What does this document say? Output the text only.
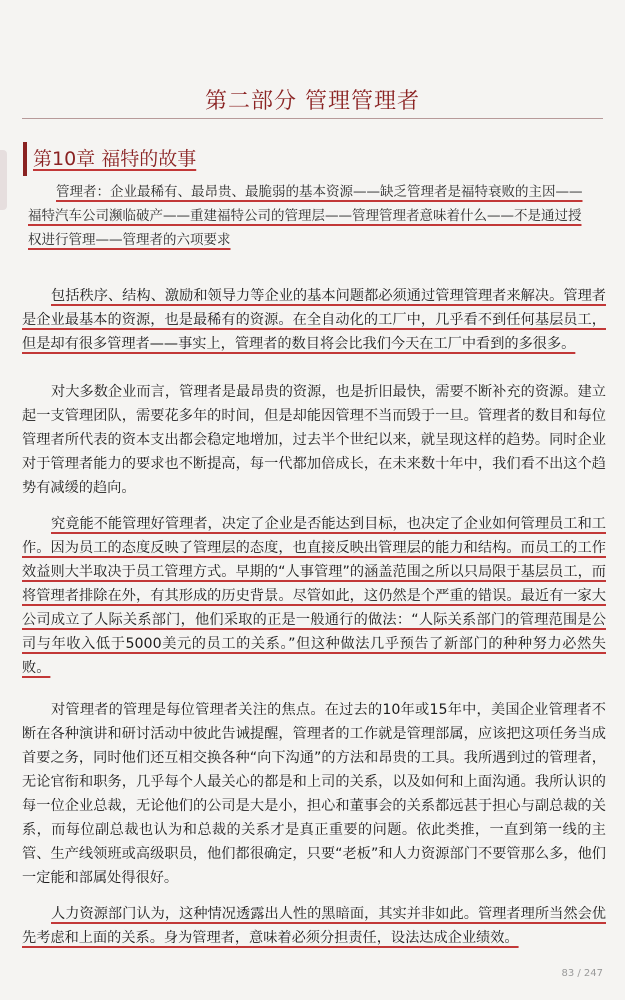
第二部分 管理管理者
第10章 福特的故事
管理者：企业最稀有、最昂贵、最脆弱的基本资源——缺乏管理者是福特衰败的主因——福特汽车公司濒临破产——重建福特公司的管理层——管理管理者意味着什么——不是通过授权进行管理——管理者的六项要求
包括秩序、结构、激励和领导力等企业的基本问题都必须通过管理管理者来解决。管理者是企业最基本的资源，也是最稀有的资源。在全自动化的工厂中，几乎看不到任何基层员工，但是却有很多管理者——事实上，管理者的数目将会比我们今天在工厂中看到的多很多。
对大多数企业而言，管理者是最昂贵的资源，也是折旧最快，需要不断补充的资源。建立起一支管理团队，需要花多年的时间，但是却能因管理不当而毁于一旦。管理者的数目和每位管理者所代表的资本支出都会稳定地增加，过去半个世纪以来，就呈现这样的趋势。同时企业对于管理者能力的要求也不断提高，每一代都加倍成长，在未来数十年中，我们看不出这个趋势有减缓的趋向。
究竟能不能管理好管理者，决定了企业是否能达到目标，也决定了企业如何管理员工和工作。因为员工的态度反映了管理层的态度，也直接反映出管理层的能力和结构。而员工的工作效益则大半取决于员工管理方式。早期的“人事管理”的涵盖范围之所以只局限于基层员工，而将管理者排除在外，有其形成的历史背景。尽管如此，这仍然是个严重的错误。最近有一家大公司成立了人际关系部门，他们采取的正是一般通行的做法：“人际关系部门的管理范围是公司与年收入低于5000美元的员工的关系。”但这种做法几乎预告了新部门的种种努力必然失败。
对管理者的管理是每位管理者关注的焦点。在过去的10年或15年中，美国企业管理者不断在各种演讲和研讨活动中彼此告诫提醒，管理者的工作就是管理部属，应该把这项任务当成首要之务，同时他们还互相交换各种“向下沟通”的方法和昂贵的工具。我所遇到过的管理者，无论官衔和职务，几乎每个人最关心的都是和上司的关系，以及如何和上面沟通。我所认识的每一位企业总裁，无论他们的公司是大是小，担心和董事会的关系都远甚于担心与副总裁的关系，而每位副总裁也认为和总裁的关系才是真正重要的问题。依此类推，一直到第一线的主管、生产线领班或高级职员，他们都很确定，只要“老板”和人力资源部门不要管那么多，他们一定能和部属处得很好。
人力资源部门认为，这种情况透露出人性的黑暗面，其实并非如此。管理者理所当然会优先考虑和上面的关系。身为管理者，意味着必须分担责任，设法达成企业绩效。
83 / 247
